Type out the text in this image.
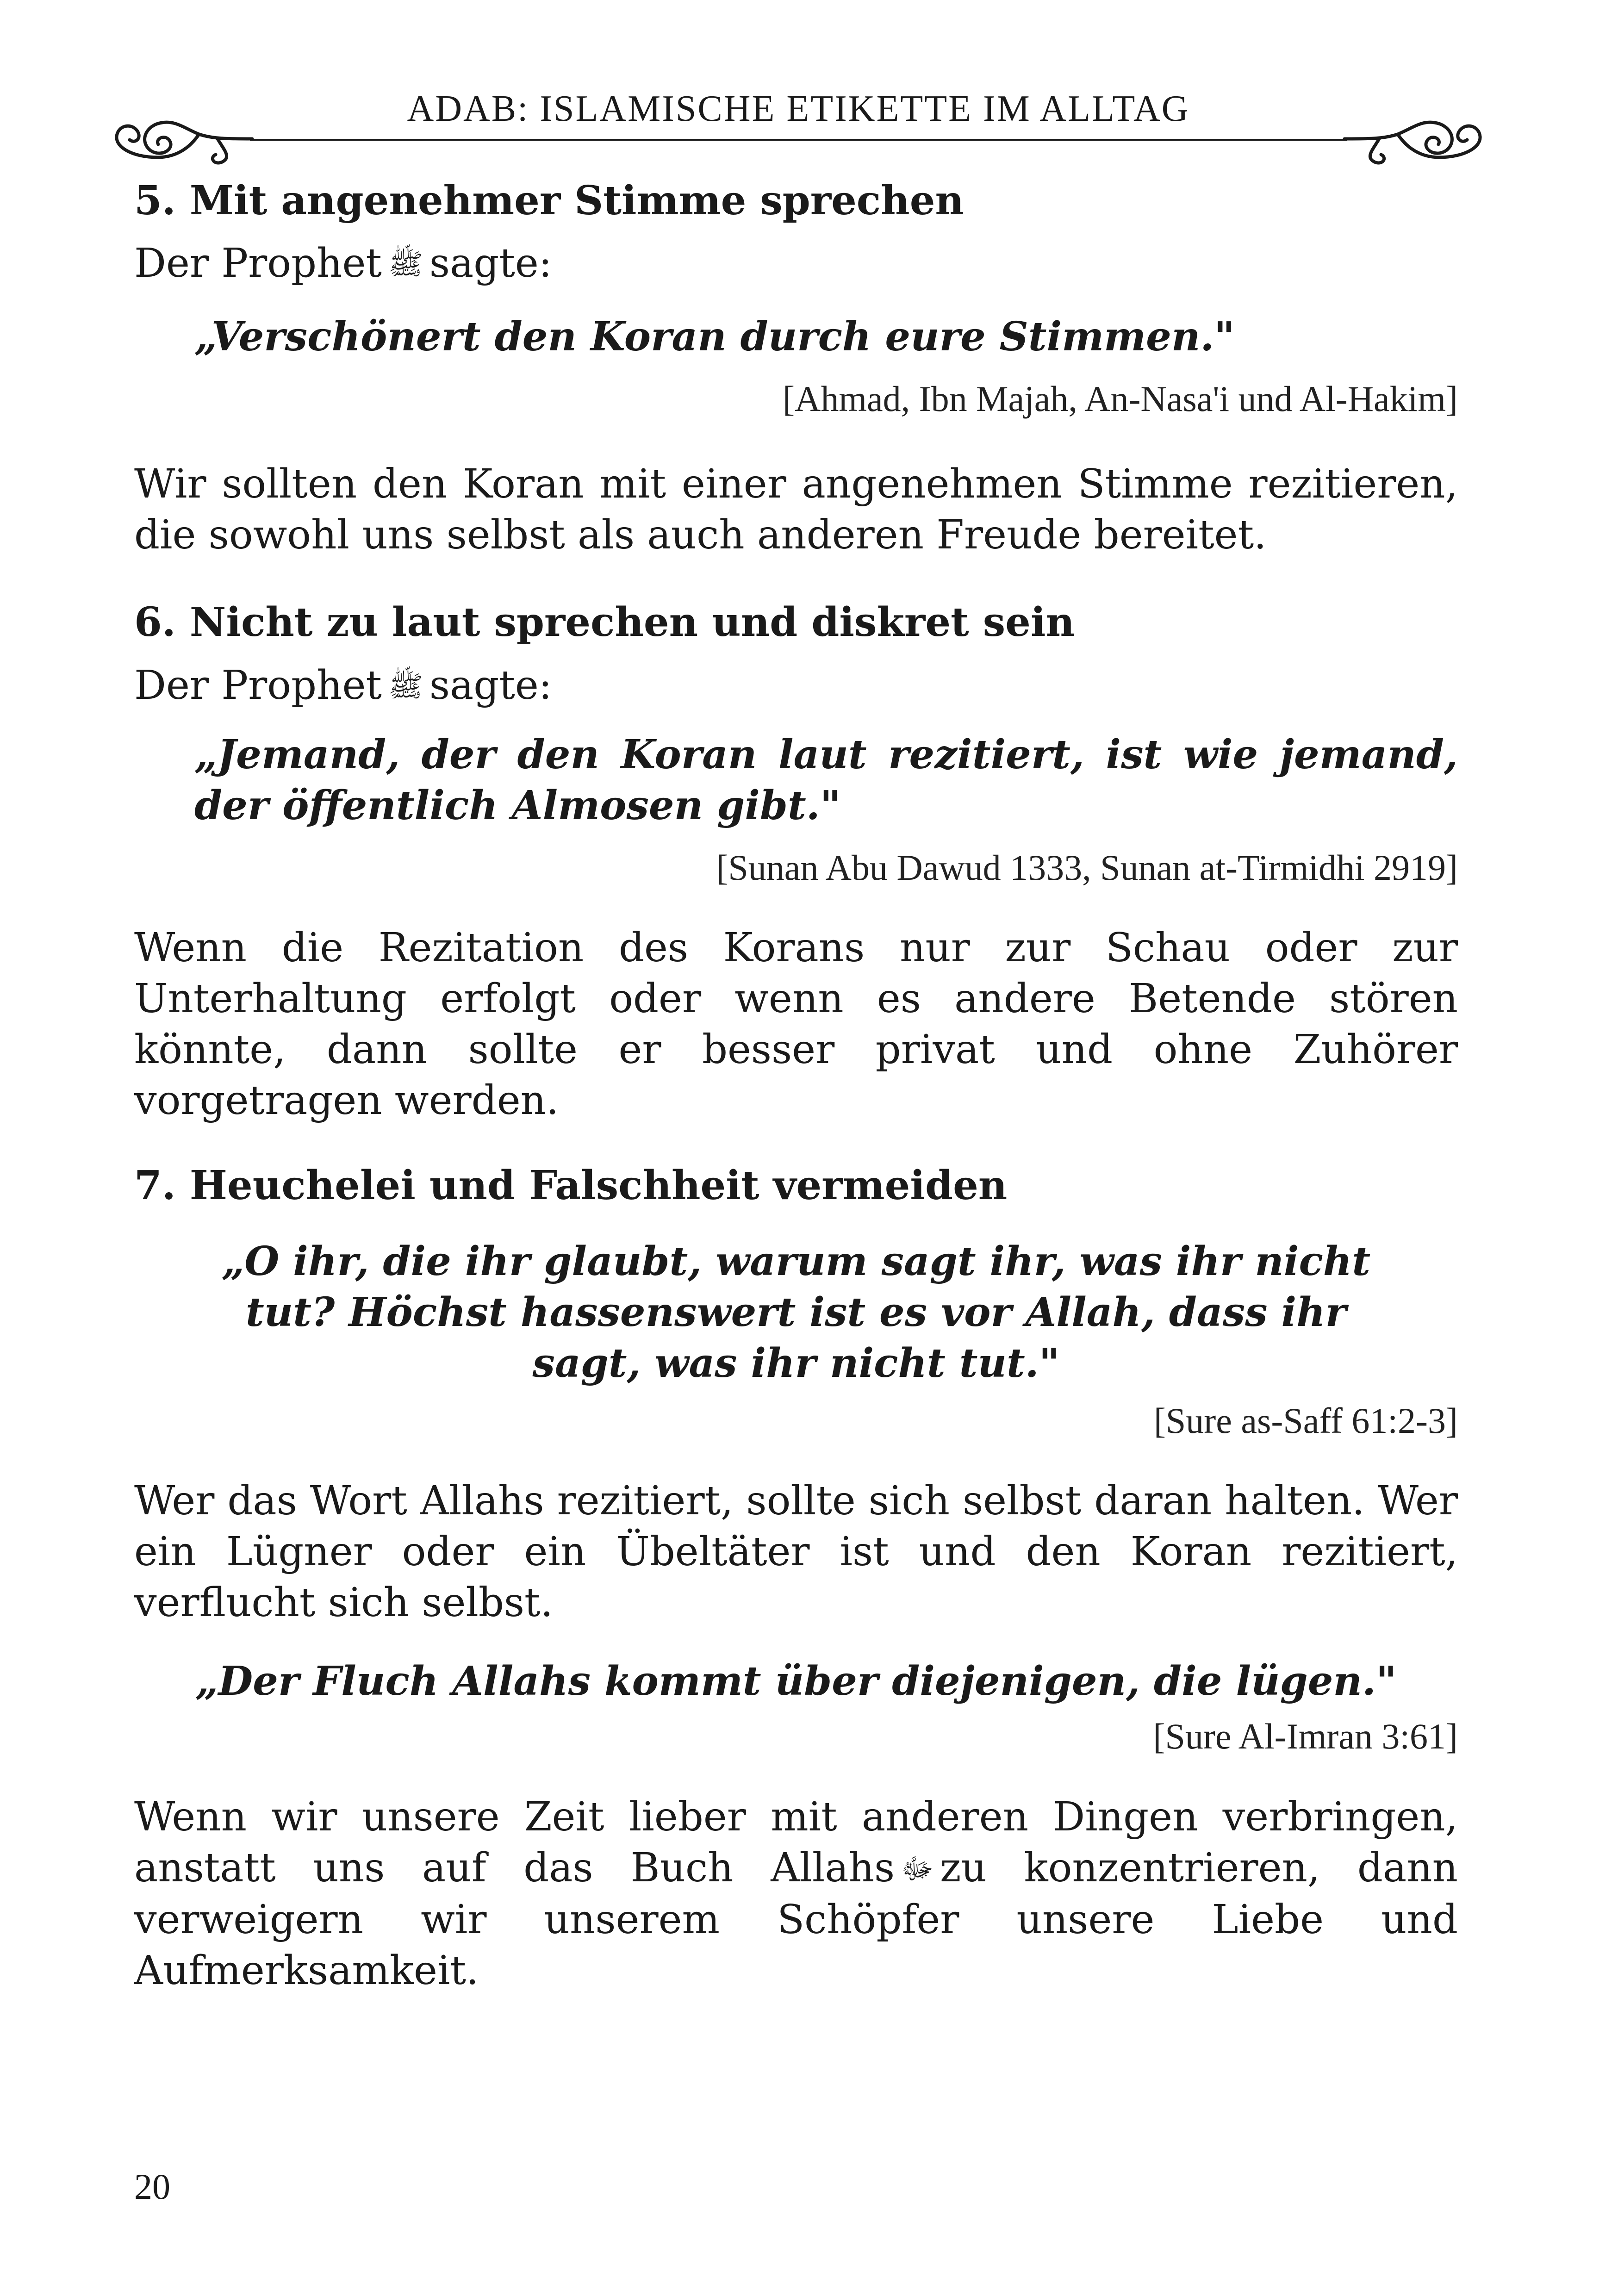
ADAB: ISLAMISCHE ETIKETTE IM ALLTAG
5. Mit angenehmer Stimme sprechen

Der Prophet ﷺ sagte:

„Verschönert den Koran durch eure Stimmen."

[Ahmad, Ibn Majah, An-Nasa'i und Al-Hakim]

Wir sollten den Koran mit einer angenehmen Stimme rezitieren, die sowohl uns selbst als auch anderen Freude bereitet.

6. Nicht zu laut sprechen und diskret sein

Der Prophet ﷺ sagte:

„Jemand, der den Koran laut rezitiert, ist wie jemand, der öffentlich Almosen gibt."

[Sunan Abu Dawud 1333, Sunan at-Tirmidhi 2919]

Wenn die Rezitation des Korans nur zur Schau oder zur Unterhaltung erfolgt oder wenn es andere Betende stören könnte, dann sollte er besser privat und ohne Zuhörer vorgetragen werden.

7. Heuchelei und Falschheit vermeiden

„O ihr, die ihr glaubt, warum sagt ihr, was ihr nicht tut? Höchst hassenswert ist es vor Allah, dass ihr sagt, was ihr nicht tut."

[Sure as-Saff 61:2-3]

Wer das Wort Allahs rezitiert, sollte sich selbst daran halten. Wer ein Lügner oder ein Übeltäter ist und den Koran rezitiert, verflucht sich selbst.

„Der Fluch Allahs kommt über diejenigen, die lügen."

[Sure Al-Imran 3:61]

Wenn wir unsere Zeit lieber mit anderen Dingen verbringen, anstatt uns auf das Buch Allahs ﷻ zu konzentrieren, dann verweigern wir unserem Schöpfer unsere Liebe und Aufmerksamkeit.

20
